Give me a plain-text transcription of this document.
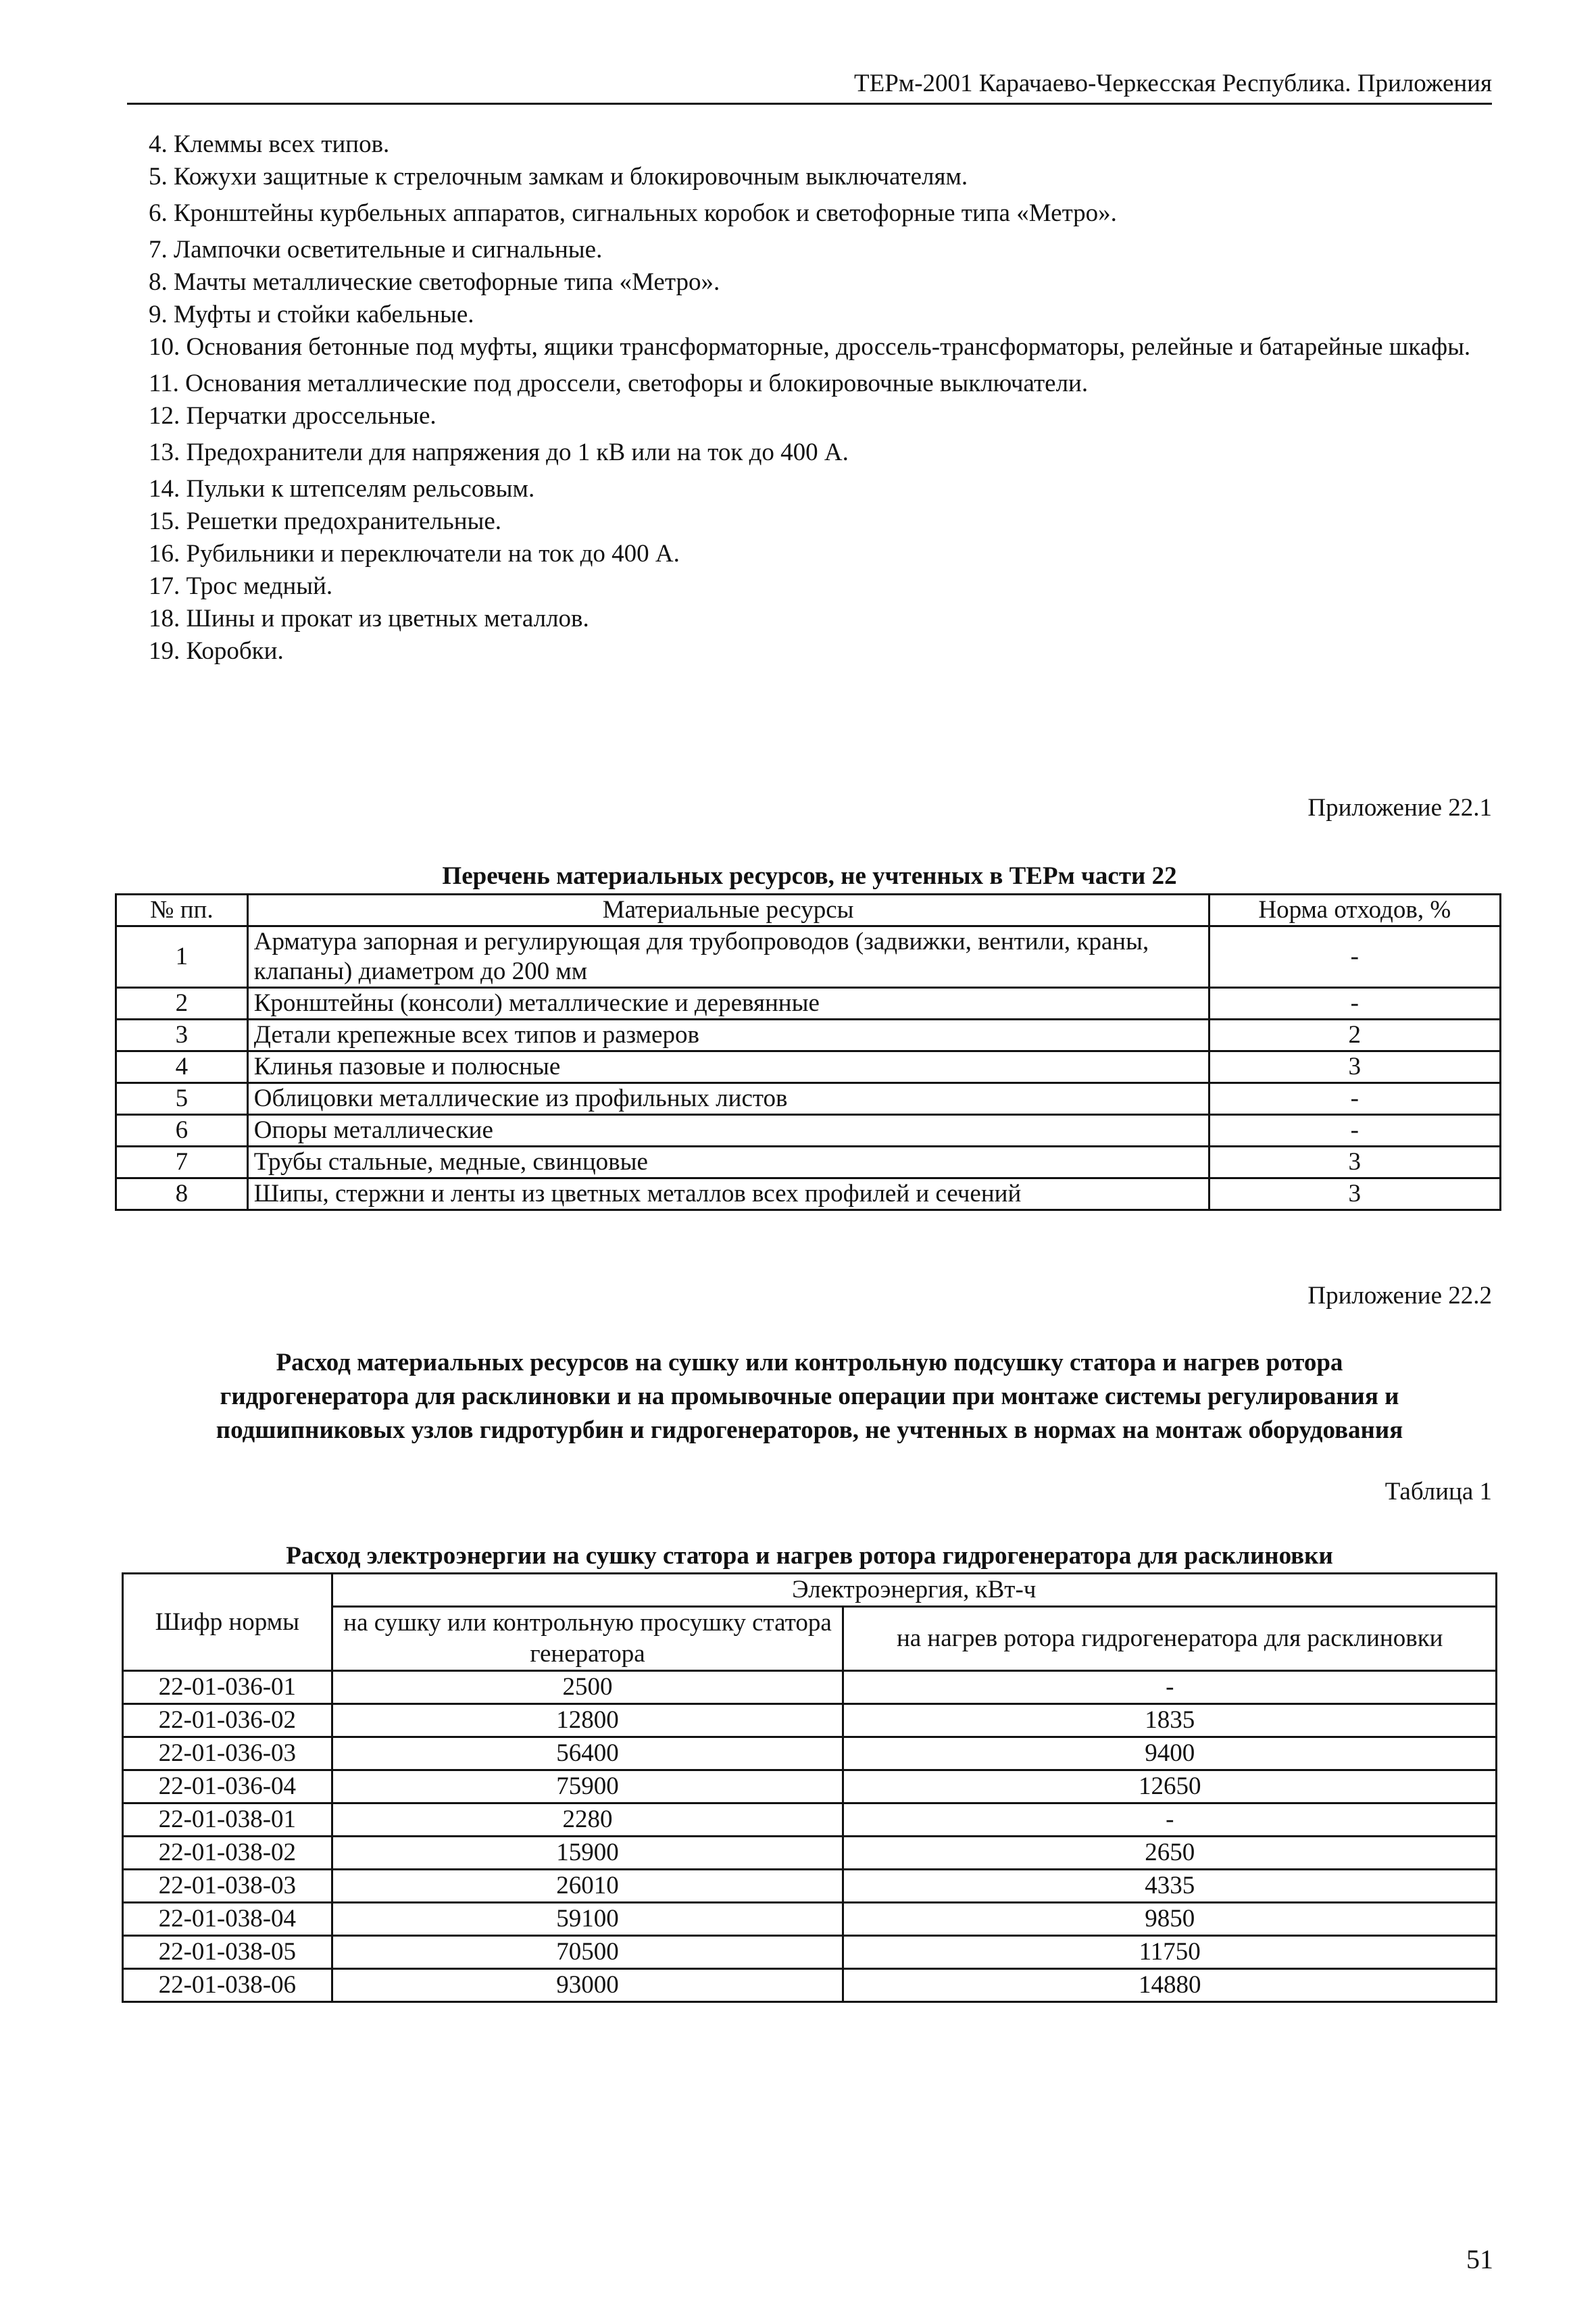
ТЕРм-2001 Карачаево-Черкесская Республика. Приложения
4. Клеммы всех типов.
5. Кожухи защитные к стрелочным замкам и блокировочным выключателям.
6. Кронштейны курбельных аппаратов, сигнальных коробок и светофорные типа «Метро».
7. Лампочки осветительные и сигнальные.
8. Мачты металлические светофорные типа «Метро».
9. Муфты и стойки кабельные.
10. Основания бетонные под муфты, ящики трансформаторные, дроссель-трансформаторы, релейные и батарейные шкафы.
11. Основания металлические под дроссели, светофоры и блокировочные выключатели.
12. Перчатки дроссельные.
13. Предохранители для напряжения до 1 кВ или на ток до 400 А.
14. Пульки к штепселям рельсовым.
15. Решетки предохранительные.
16. Рубильники и переключатели на ток до 400 А.
17. Трос медный.
18. Шины и прокат из цветных металлов.
19. Коробки.
Приложение 22.1
Перечень материальных ресурсов, не учтенных в ТЕРм части 22
№ пп.	Материальные ресурсы	Норма отходов, %
1	Арматура запорная и регулирующая для трубопроводов (задвижки, вентили, краны, клапаны) диаметром до 200 мм	-
2	Кронштейны (консоли) металлические и деревянные	-
3	Детали крепежные всех типов и размеров	2
4	Клинья пазовые и полюсные	3
5	Облицовки металлические из профильных листов	-
6	Опоры металлические	-
7	Трубы стальные, медные, свинцовые	3
8	Шипы, стержни и ленты из цветных металлов всех профилей и сечений	3
Приложение 22.2
Расход материальных ресурсов на сушку или контрольную подсушку статора и нагрев ротора
гидрогенератора для расклиновки и на промывочные операции при монтаже системы регулирования и
подшипниковых узлов гидротурбин и гидрогенераторов, не учтенных в нормах на монтаж оборудования
Таблица 1
Расход электроэнергии на сушку статора и нагрев ротора гидрогенератора для расклиновки
Шифр нормы	Электроэнергия, кВт-ч	
	на сушку или контрольную просушку статора генератора	на нагрев ротора гидрогенератора для расклиновки
22-01-036-01	2500	-
22-01-036-02	12800	1835
22-01-036-03	56400	9400
22-01-036-04	75900	12650
22-01-038-01	2280	-
22-01-038-02	15900	2650
22-01-038-03	26010	4335
22-01-038-04	59100	9850
22-01-038-05	70500	11750
22-01-038-06	93000	14880
51
